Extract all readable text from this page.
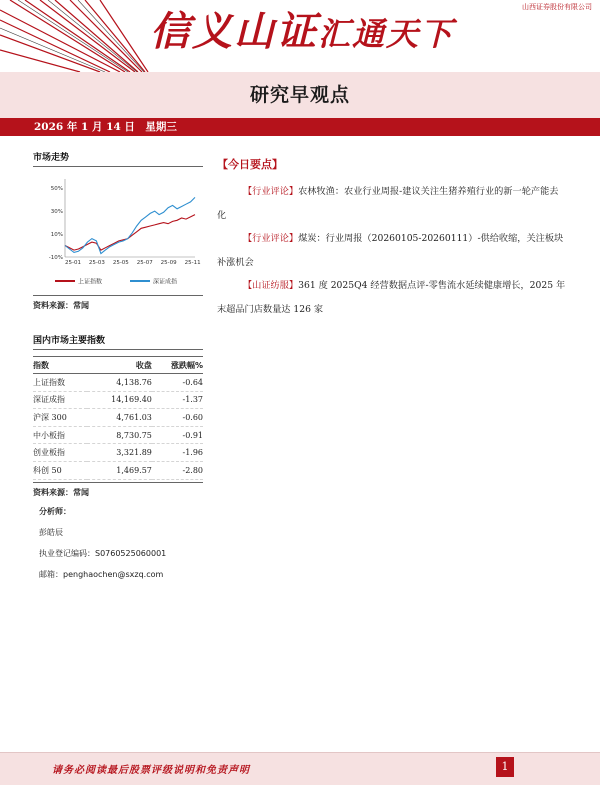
信义山证汇通天下
山西证券股份有限公司
研究早观点
2026 年 1 月 14 日　星期三
市场走势
50%
30%
10%
-10%
25-01 25-03 25-05 25-07 25-09 25-11
上证指数	深证成指
资料来源：常闻
国内市场主要指数
指数	收盘	涨跌幅%
上证指数	4,138.76	-0.64
深证成指	14,169.40	-1.37
沪深 300	4,761.03	-0.60
中小板指	8,730.75	-0.91
创业板指	3,321.89	-1.96
科创 50	1,469.57	-2.80
资料来源：常闻
分析师：
彭皓辰
执业登记编码：S0760525060001
邮箱：penghaochen@sxzq.com
【今日要点】

【行业评论】农林牧渔：农业行业周报-建议关注生猪养殖行业的新一轮产能去化

【行业评论】煤炭：行业周报（20260105-20260111）-供给收缩，关注板块补涨机会

【山证纺服】361 度 2025Q4 经营数据点评-零售流水延续健康增长，2025 年末超品门店数量达 126 家

请务必阅读最后股票评级说明和免责声明	1
